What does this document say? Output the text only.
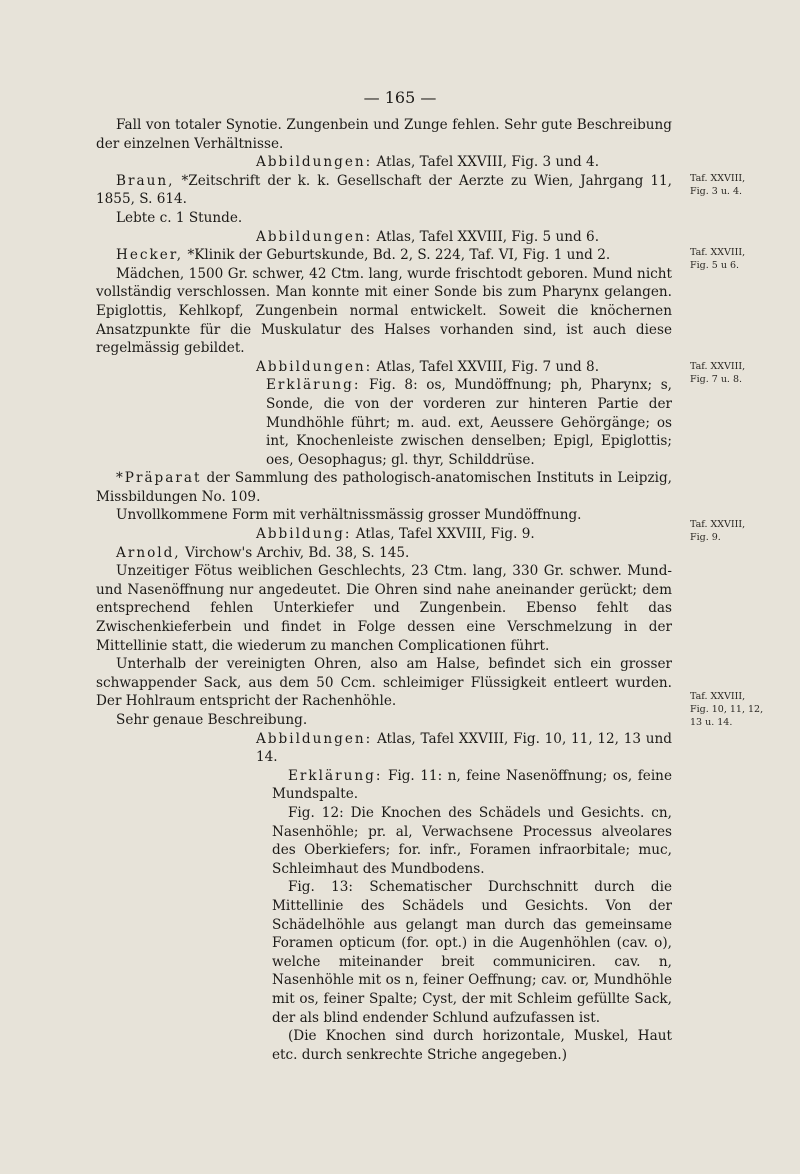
— 165 —

Fall von totaler Synotie. Zungenbein und Zunge fehlen. Sehr gute Beschreibung der einzelnen Verhältnisse.

Abbildungen: Atlas, Tafel XXVIII, Fig. 3 und 4.

Braun, *Zeitschrift der k. k. Gesellschaft der Aerzte zu Wien, Jahrgang 11, 1855, S. 614.

Lebte c. 1 Stunde.

Abbildungen: Atlas, Tafel XXVIII, Fig. 5 und 6.

Hecker, *Klinik der Geburtskunde, Bd. 2, S. 224, Taf. VI, Fig. 1 und 2.

Mädchen, 1500 Gr. schwer, 42 Ctm. lang, wurde frischtodt geboren. Mund nicht vollständig verschlossen. Man konnte mit einer Sonde bis zum Pharynx gelangen. Epiglottis, Kehlkopf, Zungenbein normal entwickelt. Soweit die knöchernen Ansatzpunkte für die Muskulatur des Halses vorhanden sind, ist auch diese regelmässig gebildet.

Abbildungen: Atlas, Tafel XXVIII, Fig. 7 und 8.

Erklärung: Fig. 8: os, Mundöffnung; ph, Pharynx; s, Sonde, die von der vorderen zur hinteren Partie der Mundhöhle führt; m. aud. ext, Aeussere Gehörgänge; os int, Knochenleiste zwischen denselben; Epigl, Epiglottis; oes, Oesophagus; gl. thyr, Schilddrüse.

*Präparat der Sammlung des pathologisch-anatomischen Instituts in Leipzig, Missbildungen No. 109.

Unvollkommene Form mit verhältnissmässig grosser Mundöffnung.

Abbildung: Atlas, Tafel XXVIII, Fig. 9.

Arnold, Virchow's Archiv, Bd. 38, S. 145.

Unzeitiger Fötus weiblichen Geschlechts, 23 Ctm. lang, 330 Gr. schwer. Mund- und Nasenöffnung nur angedeutet. Die Ohren sind nahe aneinander gerückt; dem entsprechend fehlen Unterkiefer und Zungenbein. Ebenso fehlt das Zwischenkieferbein und findet in Folge dessen eine Verschmelzung in der Mittellinie statt, die wiederum zu manchen Complicationen führt.

Unterhalb der vereinigten Ohren, also am Halse, befindet sich ein grosser schwappender Sack, aus dem 50 Ccm. schleimiger Flüssigkeit entleert wurden. Der Hohlraum entspricht der Rachenhöhle.

Sehr genaue Beschreibung.

Abbildungen: Atlas, Tafel XXVIII, Fig. 10, 11, 12, 13 und 14.

Erklärung: Fig. 11: n, feine Nasenöffnung; os, feine Mundspalte.

Fig. 12: Die Knochen des Schädels und Gesichts. cn, Nasenhöhle; pr. al, Verwachsene Processus alveolares des Oberkiefers; for. infr., Foramen infraorbitale; muc, Schleimhaut des Mundbodens.

Fig. 13: Schematischer Durchschnitt durch die Mittellinie des Schädels und Gesichts. Von der Schädelhöhle aus gelangt man durch das gemeinsame Foramen opticum (for. opt.) in die Augenhöhlen (cav. o), welche miteinander breit communiciren. cav. n, Nasenhöhle mit os n, feiner Oeffnung; cav. or, Mundhöhle mit os, feiner Spalte; Cyst, der mit Schleim gefüllte Sack, der als blind endender Schlund aufzufassen ist.

(Die Knochen sind durch horizontale, Muskel, Haut etc. durch senkrechte Striche angegeben.)

Taf. XXVIII,
Fig. 3 u. 4.
Taf. XXVIII,
Fig. 5 u 6.
Taf. XXVIII,
Fig. 7 u. 8.
Taf. XXVIII,
Fig. 9.
Taf. XXVIII,
Fig. 10, 11, 12,
13 u. 14.
